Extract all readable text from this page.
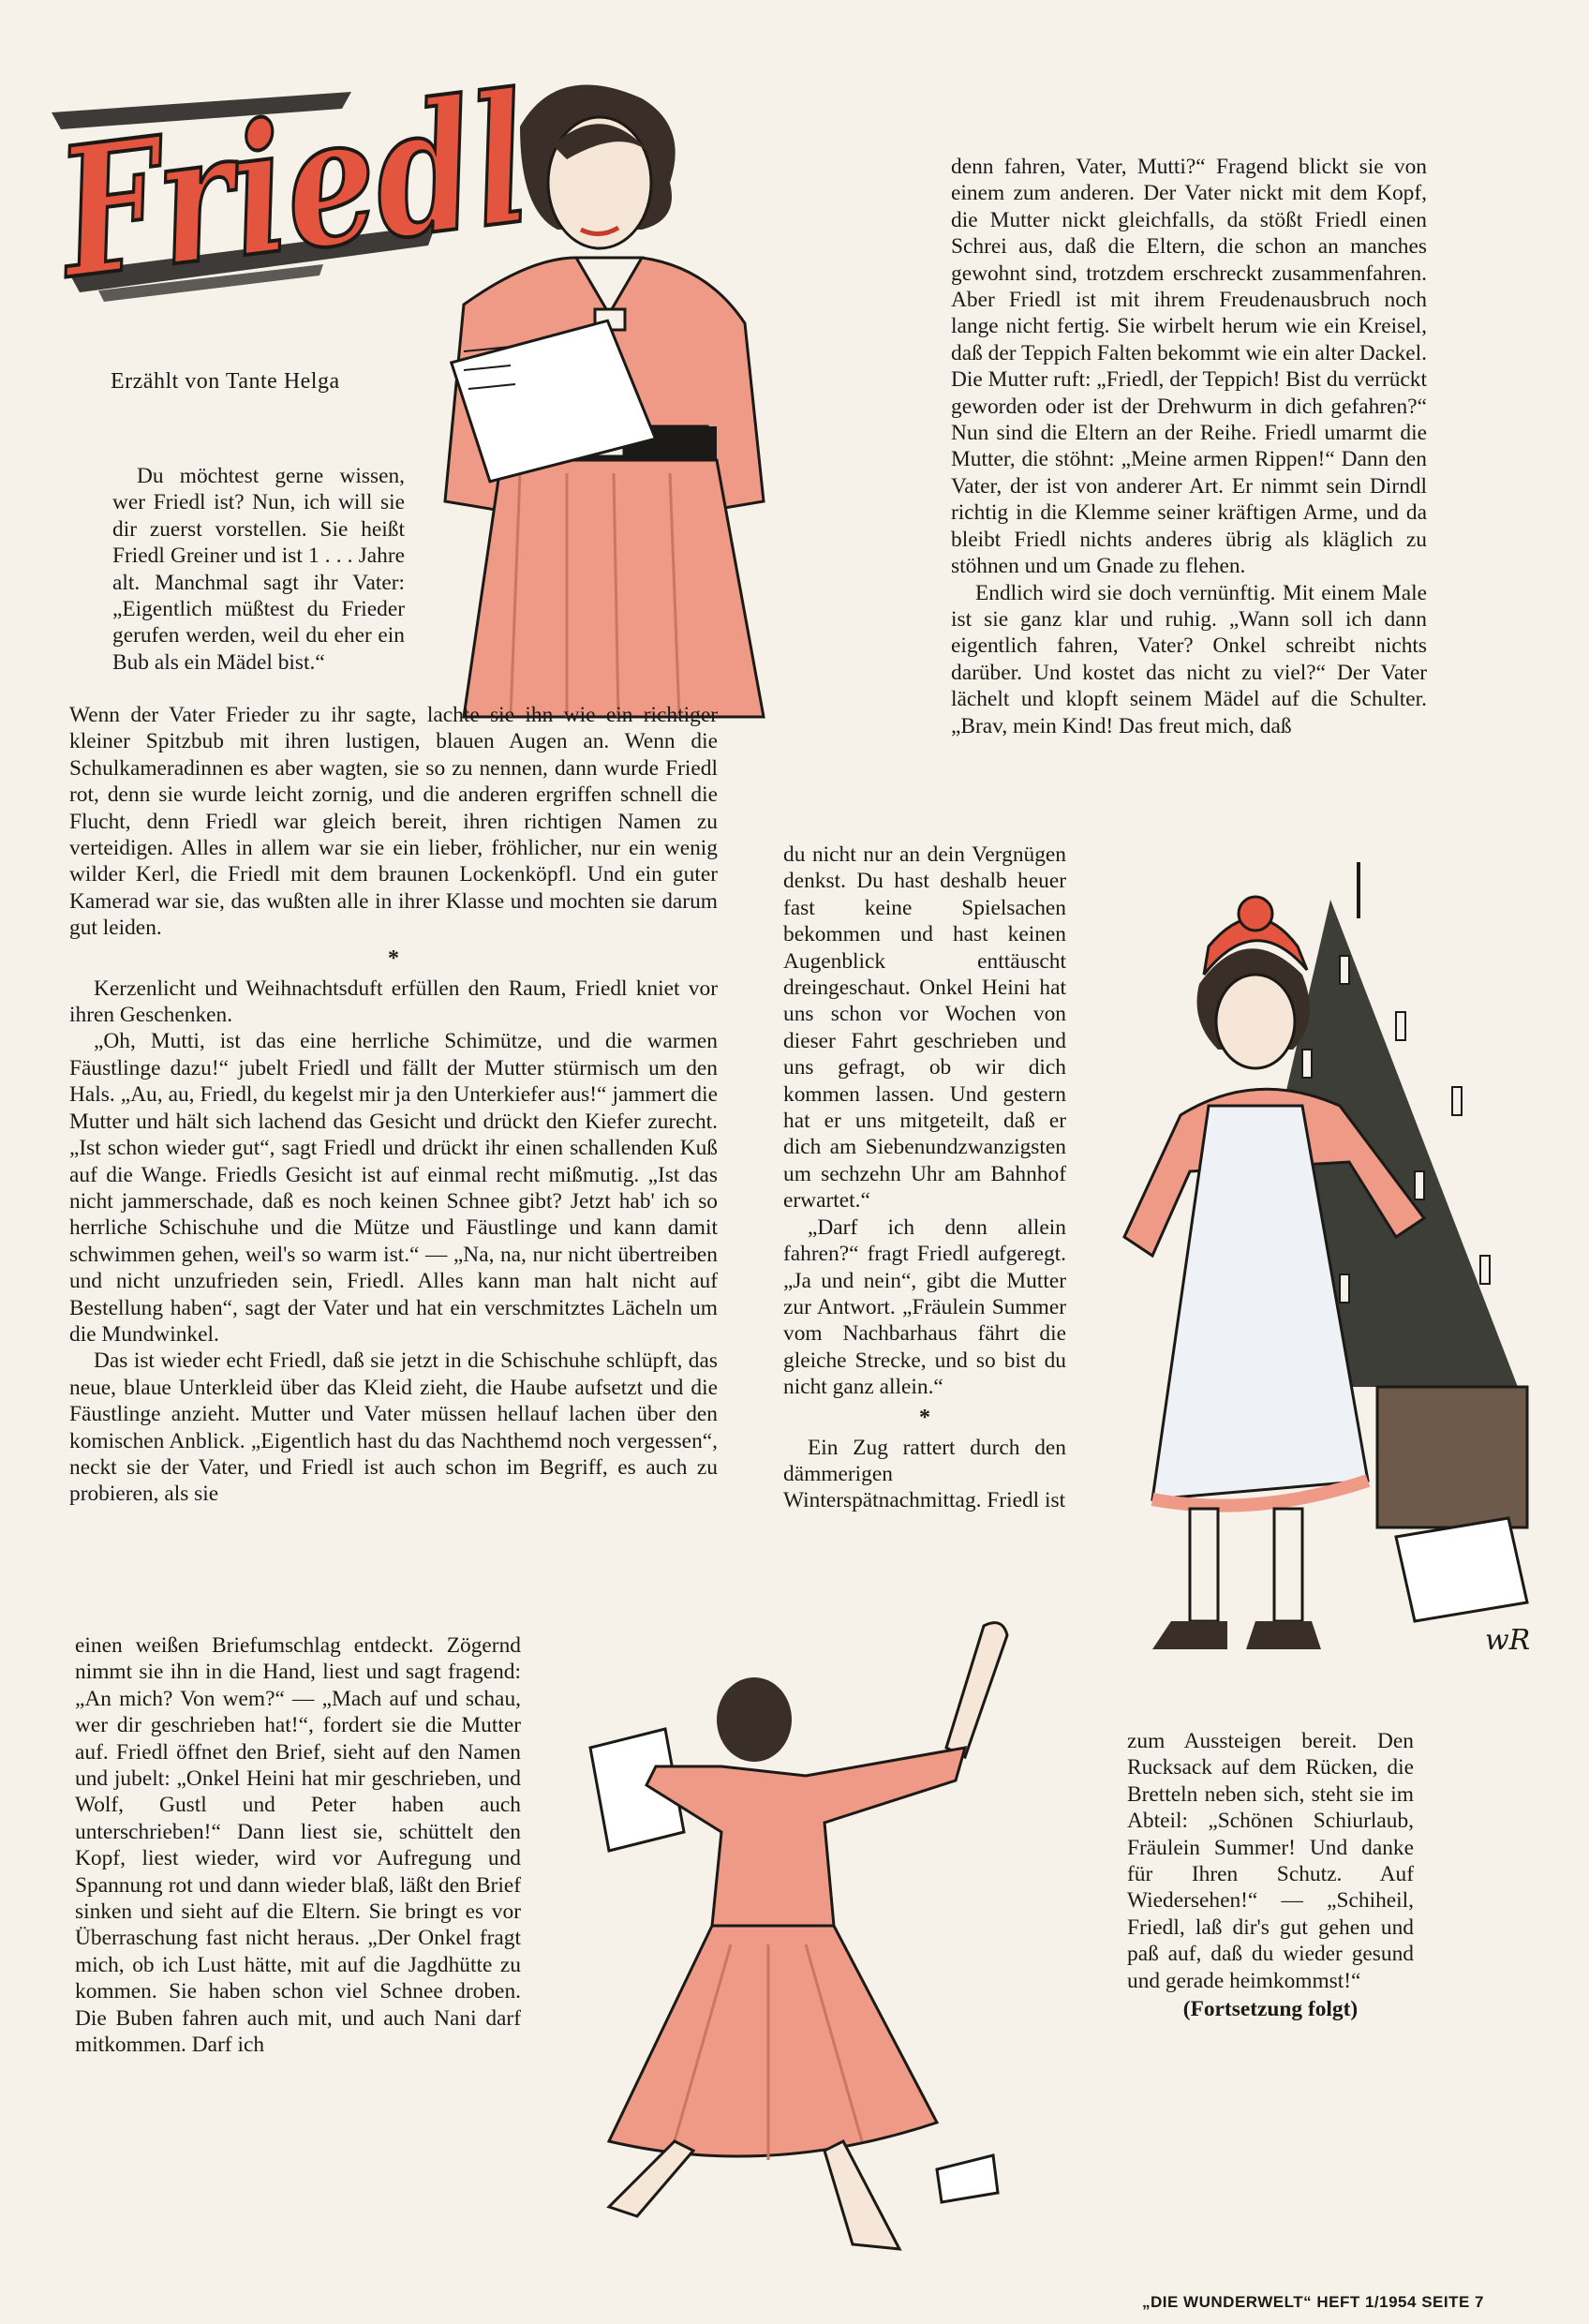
Friedl
Erzählt von Tante Helga
wR

Du möchtest gerne wissen, wer Friedl ist? Nun, ich will sie dir zuerst vorstellen. Sie heißt Friedl Greiner und ist 1 . . . Jahre alt. Manchmal sagt ihr Vater: „Eigentlich müßtest du Frieder gerufen werden, weil du eher ein Bub als ein Mädel bist.“

Wenn der Vater Frieder zu ihr sagte, lachte sie ihn wie ein richtiger kleiner Spitzbub mit ihren lustigen, blauen Augen an. Wenn die Schulkameradinnen es aber wagten, sie so zu nennen, dann wurde Friedl rot, denn sie wurde leicht zornig, und die anderen ergriffen schnell die Flucht, denn Friedl war gleich bereit, ihren richtigen Namen zu verteidigen. Alles in allem war sie ein lieber, fröhlicher, nur ein wenig wilder Kerl, die Friedl mit dem braunen Lockenköpfl. Und ein guter Kamerad war sie, das wußten alle in ihrer Klasse und mochten sie darum gut leiden.

*

Kerzenlicht und Weihnachtsduft erfüllen den Raum, Friedl kniet vor ihren Geschenken.

„Oh, Mutti, ist das eine herrliche Schimütze, und die warmen Fäustlinge dazu!“ jubelt Friedl und fällt der Mutter stürmisch um den Hals. „Au, au, Friedl, du kegelst mir ja den Unterkiefer aus!“ jammert die Mutter und hält sich lachend das Gesicht und drückt den Kiefer zurecht. „Ist schon wieder gut“, sagt Friedl und drückt ihr einen schallenden Kuß auf die Wange. Friedls Gesicht ist auf einmal recht mißmutig. „Ist das nicht jammerschade, daß es noch keinen Schnee gibt? Jetzt hab' ich so herrliche Schischuhe und die Mütze und Fäustlinge und kann damit schwimmen gehen, weil's so warm ist.“ — „Na, na, nur nicht übertreiben und nicht unzufrieden sein, Friedl. Alles kann man halt nicht auf Bestellung haben“, sagt der Vater und hat ein verschmitztes Lächeln um die Mundwinkel.

Das ist wieder echt Friedl, daß sie jetzt in die Schischuhe schlüpft, das neue, blaue Unterkleid über das Kleid zieht, die Haube aufsetzt und die Fäustlinge anzieht. Mutter und Vater müssen hellauf lachen über den komischen Anblick. „Eigentlich hast du das Nachthemd noch vergessen“, neckt sie der Vater, und Friedl ist auch schon im Begriff, es auch zu probieren, als sie

einen weißen Briefumschlag entdeckt. Zögernd nimmt sie ihn in die Hand, liest und sagt fragend: „An mich? Von wem?“ — „Mach auf und schau, wer dir geschrieben hat!“, fordert sie die Mutter auf. Friedl öffnet den Brief, sieht auf den Namen und jubelt: „Onkel Heini hat mir geschrieben, und Wolf, Gustl und Peter haben auch unterschrieben!“ Dann liest sie, schüttelt den Kopf, liest wieder, wird vor Aufregung und Spannung rot und dann wieder blaß, läßt den Brief sinken und sieht auf die Eltern. Sie bringt es vor Überraschung fast nicht heraus. „Der Onkel fragt mich, ob ich Lust hätte, mit auf die Jagdhütte zu kommen. Sie haben schon viel Schnee droben. Die Buben fahren auch mit, und auch Nani darf mitkommen. Darf ich

denn fahren, Vater, Mutti?“ Fragend blickt sie von einem zum anderen. Der Vater nickt mit dem Kopf, die Mutter nickt gleichfalls, da stößt Friedl einen Schrei aus, daß die Eltern, die schon an manches gewohnt sind, trotzdem erschreckt zusammenfahren. Aber Friedl ist mit ihrem Freudenausbruch noch lange nicht fertig. Sie wirbelt herum wie ein Kreisel, daß der Teppich Falten bekommt wie ein alter Dackel. Die Mutter ruft: „Friedl, der Teppich! Bist du verrückt geworden oder ist der Drehwurm in dich gefahren?“ Nun sind die Eltern an der Reihe. Friedl umarmt die Mutter, die stöhnt: „Meine armen Rippen!“ Dann den Vater, der ist von anderer Art. Er nimmt sein Dirndl richtig in die Klemme seiner kräftigen Arme, und da bleibt Friedl nichts anderes übrig als kläglich zu stöhnen und um Gnade zu flehen.

Endlich wird sie doch vernünftig. Mit einem Male ist sie ganz klar und ruhig. „Wann soll ich dann eigentlich fahren, Vater? Onkel schreibt nichts darüber. Und kostet das nicht zu viel?“ Der Vater lächelt und klopft seinem Mädel auf die Schulter. „Brav, mein Kind! Das freut mich, daß

du nicht nur an dein Vergnügen denkst. Du hast deshalb heuer fast keine Spielsachen bekommen und hast keinen Augenblick enttäuscht dreingeschaut. Onkel Heini hat uns schon vor Wochen von dieser Fahrt geschrieben und uns gefragt, ob wir dich kommen lassen. Und gestern hat er uns mitgeteilt, daß er dich am Siebenundzwanzigsten um sechzehn Uhr am Bahnhof erwartet.“

„Darf ich denn allein fahren?“ fragt Friedl aufgeregt. „Ja und nein“, gibt die Mutter zur Antwort. „Fräulein Summer vom Nachbarhaus fährt die gleiche Strecke, und so bist du nicht ganz allein.“

*

Ein Zug rattert durch den dämmerigen Winterspätnachmittag. Friedl ist

zum Aussteigen bereit. Den Rucksack auf dem Rücken, die Bretteln neben sich, steht sie im Abteil: „Schönen Schiurlaub, Fräulein Summer! Und danke für Ihren Schutz. Auf Wiedersehen!“ — „Schiheil, Friedl, laß dir's gut gehen und paß auf, daß du wieder gesund und gerade heimkommst!“

(Fortsetzung folgt)

„DIE WUNDERWELT“ HEFT 1/1954 SEITE 7
